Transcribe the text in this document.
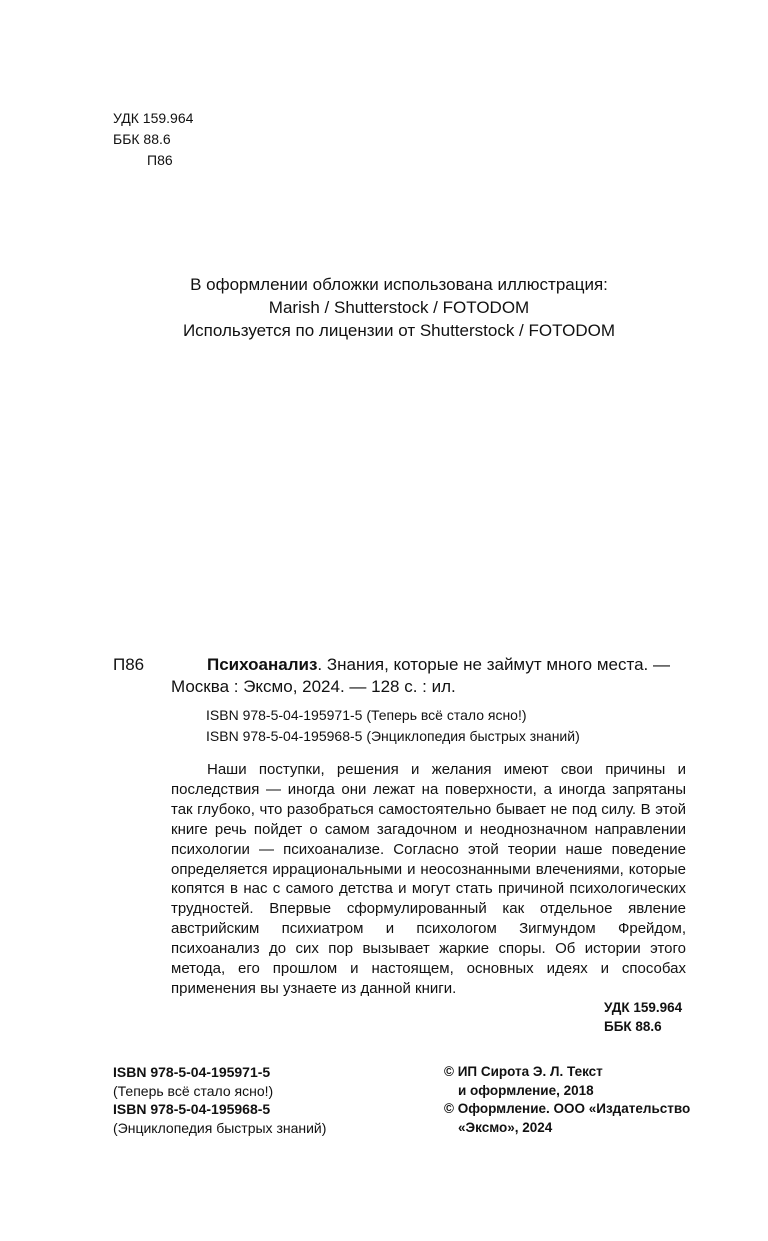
УДК 159.964
ББК 88.6
П86
В оформлении обложки использована иллюстрация:
Marish / Shutterstock / FOTODOM
Используется по лицензии от Shutterstock / FOTODOM
П86	Психоанализ. Знания, которые не займут много места. —
Москва : Эксмо, 2024. — 128 с. : ил.
ISBN 978-5-04-195971-5 (Теперь всё стало ясно!)
ISBN 978-5-04-195968-5 (Энциклопедия быстрых знаний)
Наши поступки, решения и желания имеют свои причины и последствия — иногда они лежат на поверхности, а иногда запрятаны так глубоко, что разобраться самостоятельно бывает не под силу. В этой книге речь пойдет о самом загадочном и неоднозначном направлении психологии — психоанализе. Согласно этой теории наше поведение определяется иррациональными и неосознанными влечениями, которые копятся в нас с самого детства и могут стать причиной психологических трудностей. Впервые сформулированный как отдельное явление австрийским психиатром и психологом Зигмундом Фрейдом, психоанализ до сих пор вызывает жаркие споры. Об истории этого метода, его прошлом и настоящем, основных идеях и способах применения вы узнаете из данной книги.
УДК 159.964
ББК 88.6
ISBN 978-5-04-195971-5
(Теперь всё стало ясно!)
ISBN 978-5-04-195968-5
(Энциклопедия быстрых знаний)
© ИП Сирота Э. Л. Текст
и оформление, 2018
© Оформление. ООО «Издательство
«Эксмо», 2024
